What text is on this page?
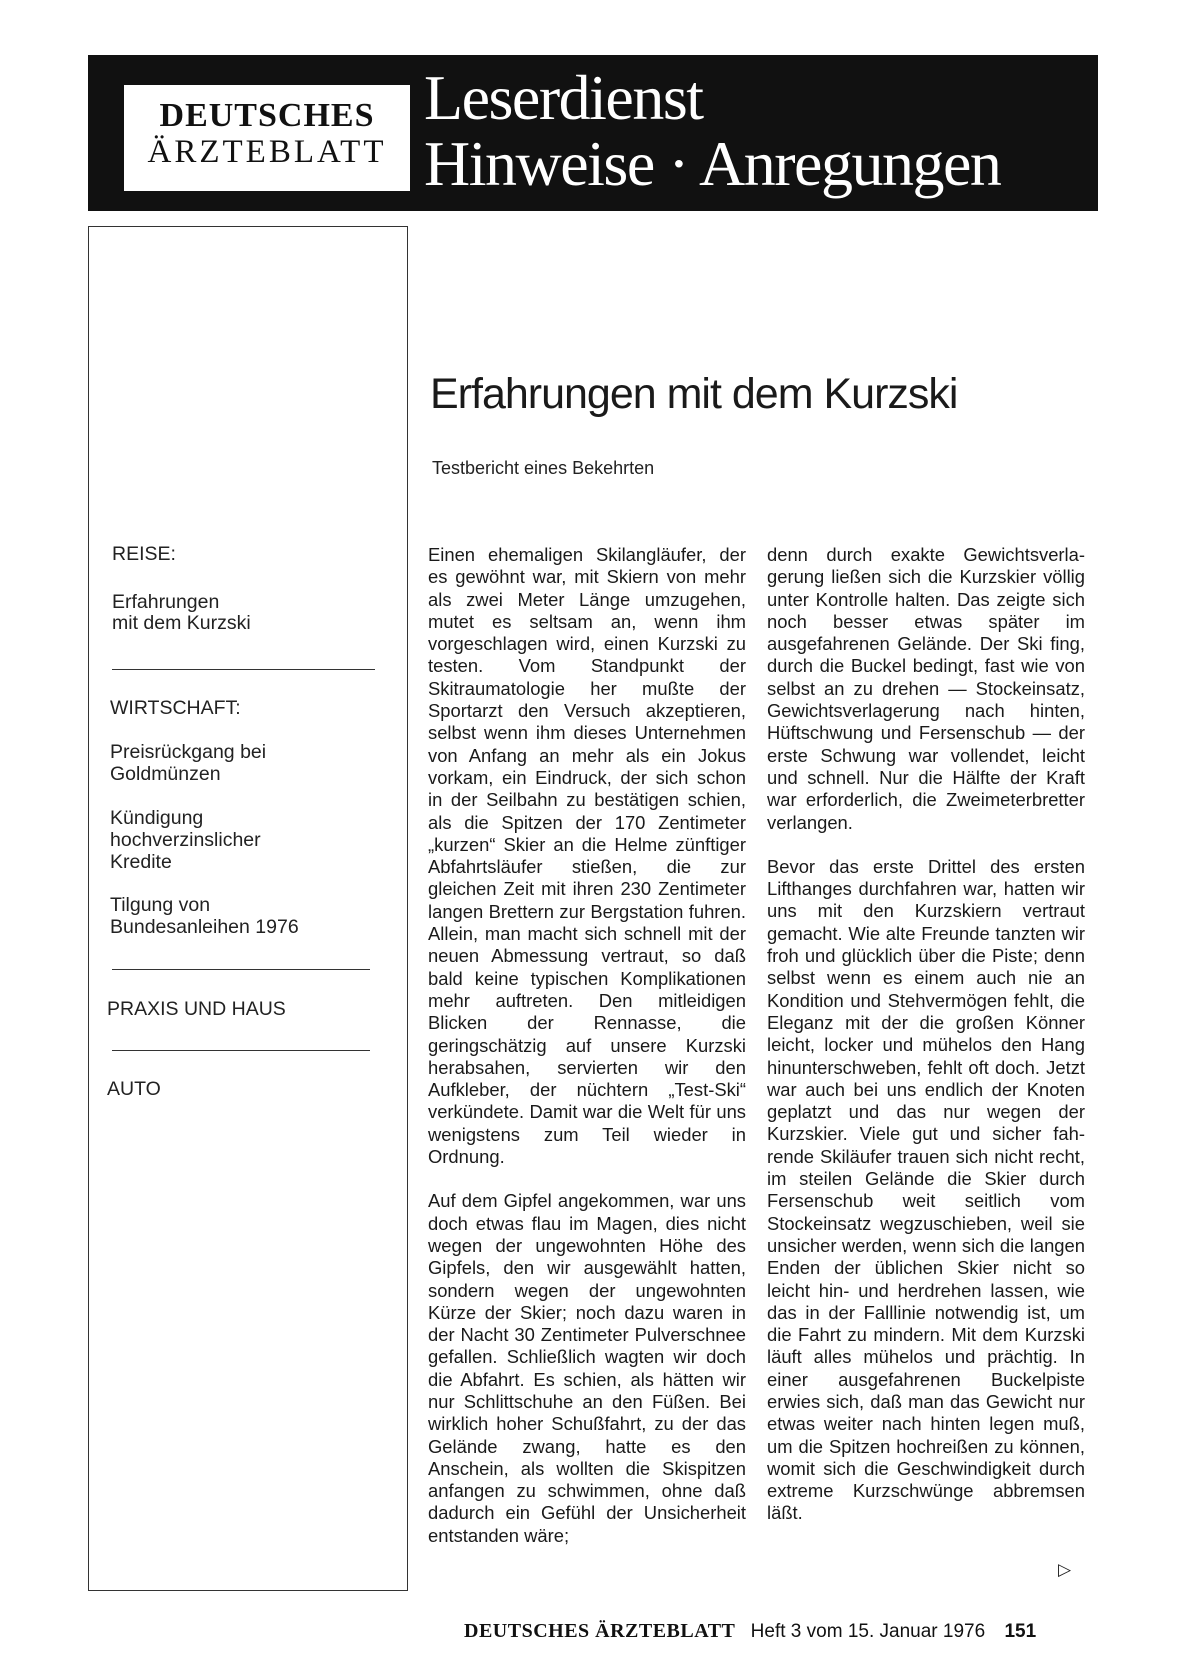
DEUTSCHES
ÄRZTEBLATT
Leserdienst
Hinweise · Anregungen
REISE:
Erfahrungen
mit dem Kurzski
WIRTSCHAFT:
Preisrückgang bei
Goldmünzen
Kündigung
hochverzinslicher
Kredite
Tilgung von
Bundesanleihen 1976
PRAXIS UND HAUS
AUTO
Erfahrungen mit dem Kurzski
Testbericht eines Bekehrten

Einen ehemaligen Skilangläufer, der es gewöhnt war, mit Skiern von mehr als zwei Meter Länge umzugehen, mutet es seltsam an, wenn ihm vorgeschlagen wird, einen Kurzski zu testen. Vom Standpunkt der Skitraumatologie her mußte der Sportarzt den Versuch akzeptieren, selbst wenn ihm dieses Unternehmen von Anfang an mehr als ein Jokus vorkam, ein Eindruck, der sich schon in der Seilbahn zu bestätigen schien, als die Spitzen der 170 Zentimeter „kurzen“ Skier an die Helme zünftiger Abfahrtsläufer stießen, die zur gleichen Zeit mit ihren 230 Zentimeter langen Brettern zur Bergstation fuhren. Allein, man macht sich schnell mit der neuen Abmessung vertraut, so daß bald keine typischen Komplikationen mehr auftreten. Den mitleidigen Blicken der Rennasse, die geringschätzig auf unsere Kurzski herabsahen, servierten wir den Aufkleber, der nüchtern „Test-Ski“ verkündete. Damit war die Welt für uns wenigstens zum Teil wieder in Ordnung.

Auf dem Gipfel angekommen, war uns doch etwas flau im Magen, dies nicht wegen der ungewohnten Höhe des Gipfels, den wir ausgewählt hatten, sondern wegen der ungewohnten Kürze der Skier; noch dazu waren in der Nacht 30 Zentimeter Pulverschnee gefallen. Schließlich wagten wir doch die Abfahrt. Es schien, als hätten wir nur Schlittschuhe an den Füßen. Bei wirklich hoher Schußfahrt, zu der das Gelände zwang, hatte es den Anschein, als wollten die Skispitzen anfangen zu schwimmen, ohne daß dadurch ein Gefühl der Unsicherheit entstanden wäre;

denn durch exakte Gewichtsverlagerung ließen sich die Kurzskier völlig unter Kontrolle halten. Das zeigte sich noch besser etwas später im ausgefahrenen Gelände. Der Ski fing, durch die Buckel bedingt, fast wie von selbst an zu drehen — Stockeinsatz, Gewichtsverlagerung nach hinten, Hüftschwung und Fersenschub — der erste Schwung war vollendet, leicht und schnell. Nur die Hälfte der Kraft war erforderlich, die Zweimeterbretter verlangen.

Bevor das erste Drittel des ersten Lifthanges durchfahren war, hatten wir uns mit den Kurzskiern vertraut gemacht. Wie alte Freunde tanzten wir froh und glücklich über die Piste; denn selbst wenn es einem auch nie an Kondition und Stehvermögen fehlt, die Eleganz mit der die großen Könner leicht, locker und mühelos den Hang hinunterschweben, fehlt oft doch. Jetzt war auch bei uns endlich der Knoten geplatzt und das nur wegen der Kurzskier. Viele gut und sicher fahrende Skiläufer trauen sich nicht recht, im steilen Gelände die Skier durch Fersenschub weit seitlich vom Stockeinsatz wegzuschieben, weil sie unsicher werden, wenn sich die langen Enden der üblichen Skier nicht so leicht hin- und herdrehen lassen, wie das in der Falllinie notwendig ist, um die Fahrt zu mindern. Mit dem Kurzski läuft alles mühelos und prächtig. In einer ausgefahrenen Buckelpiste erwies sich, daß man das Gewicht nur etwas weiter nach hinten legen muß, um die Spitzen hochreißen zu können, womit sich die Geschwindigkeit durch extreme Kurzschwünge abbremsen läßt.

▷
DEUTSCHES ÄRZTEBLATT Heft 3 vom 15. Januar 1976 151
